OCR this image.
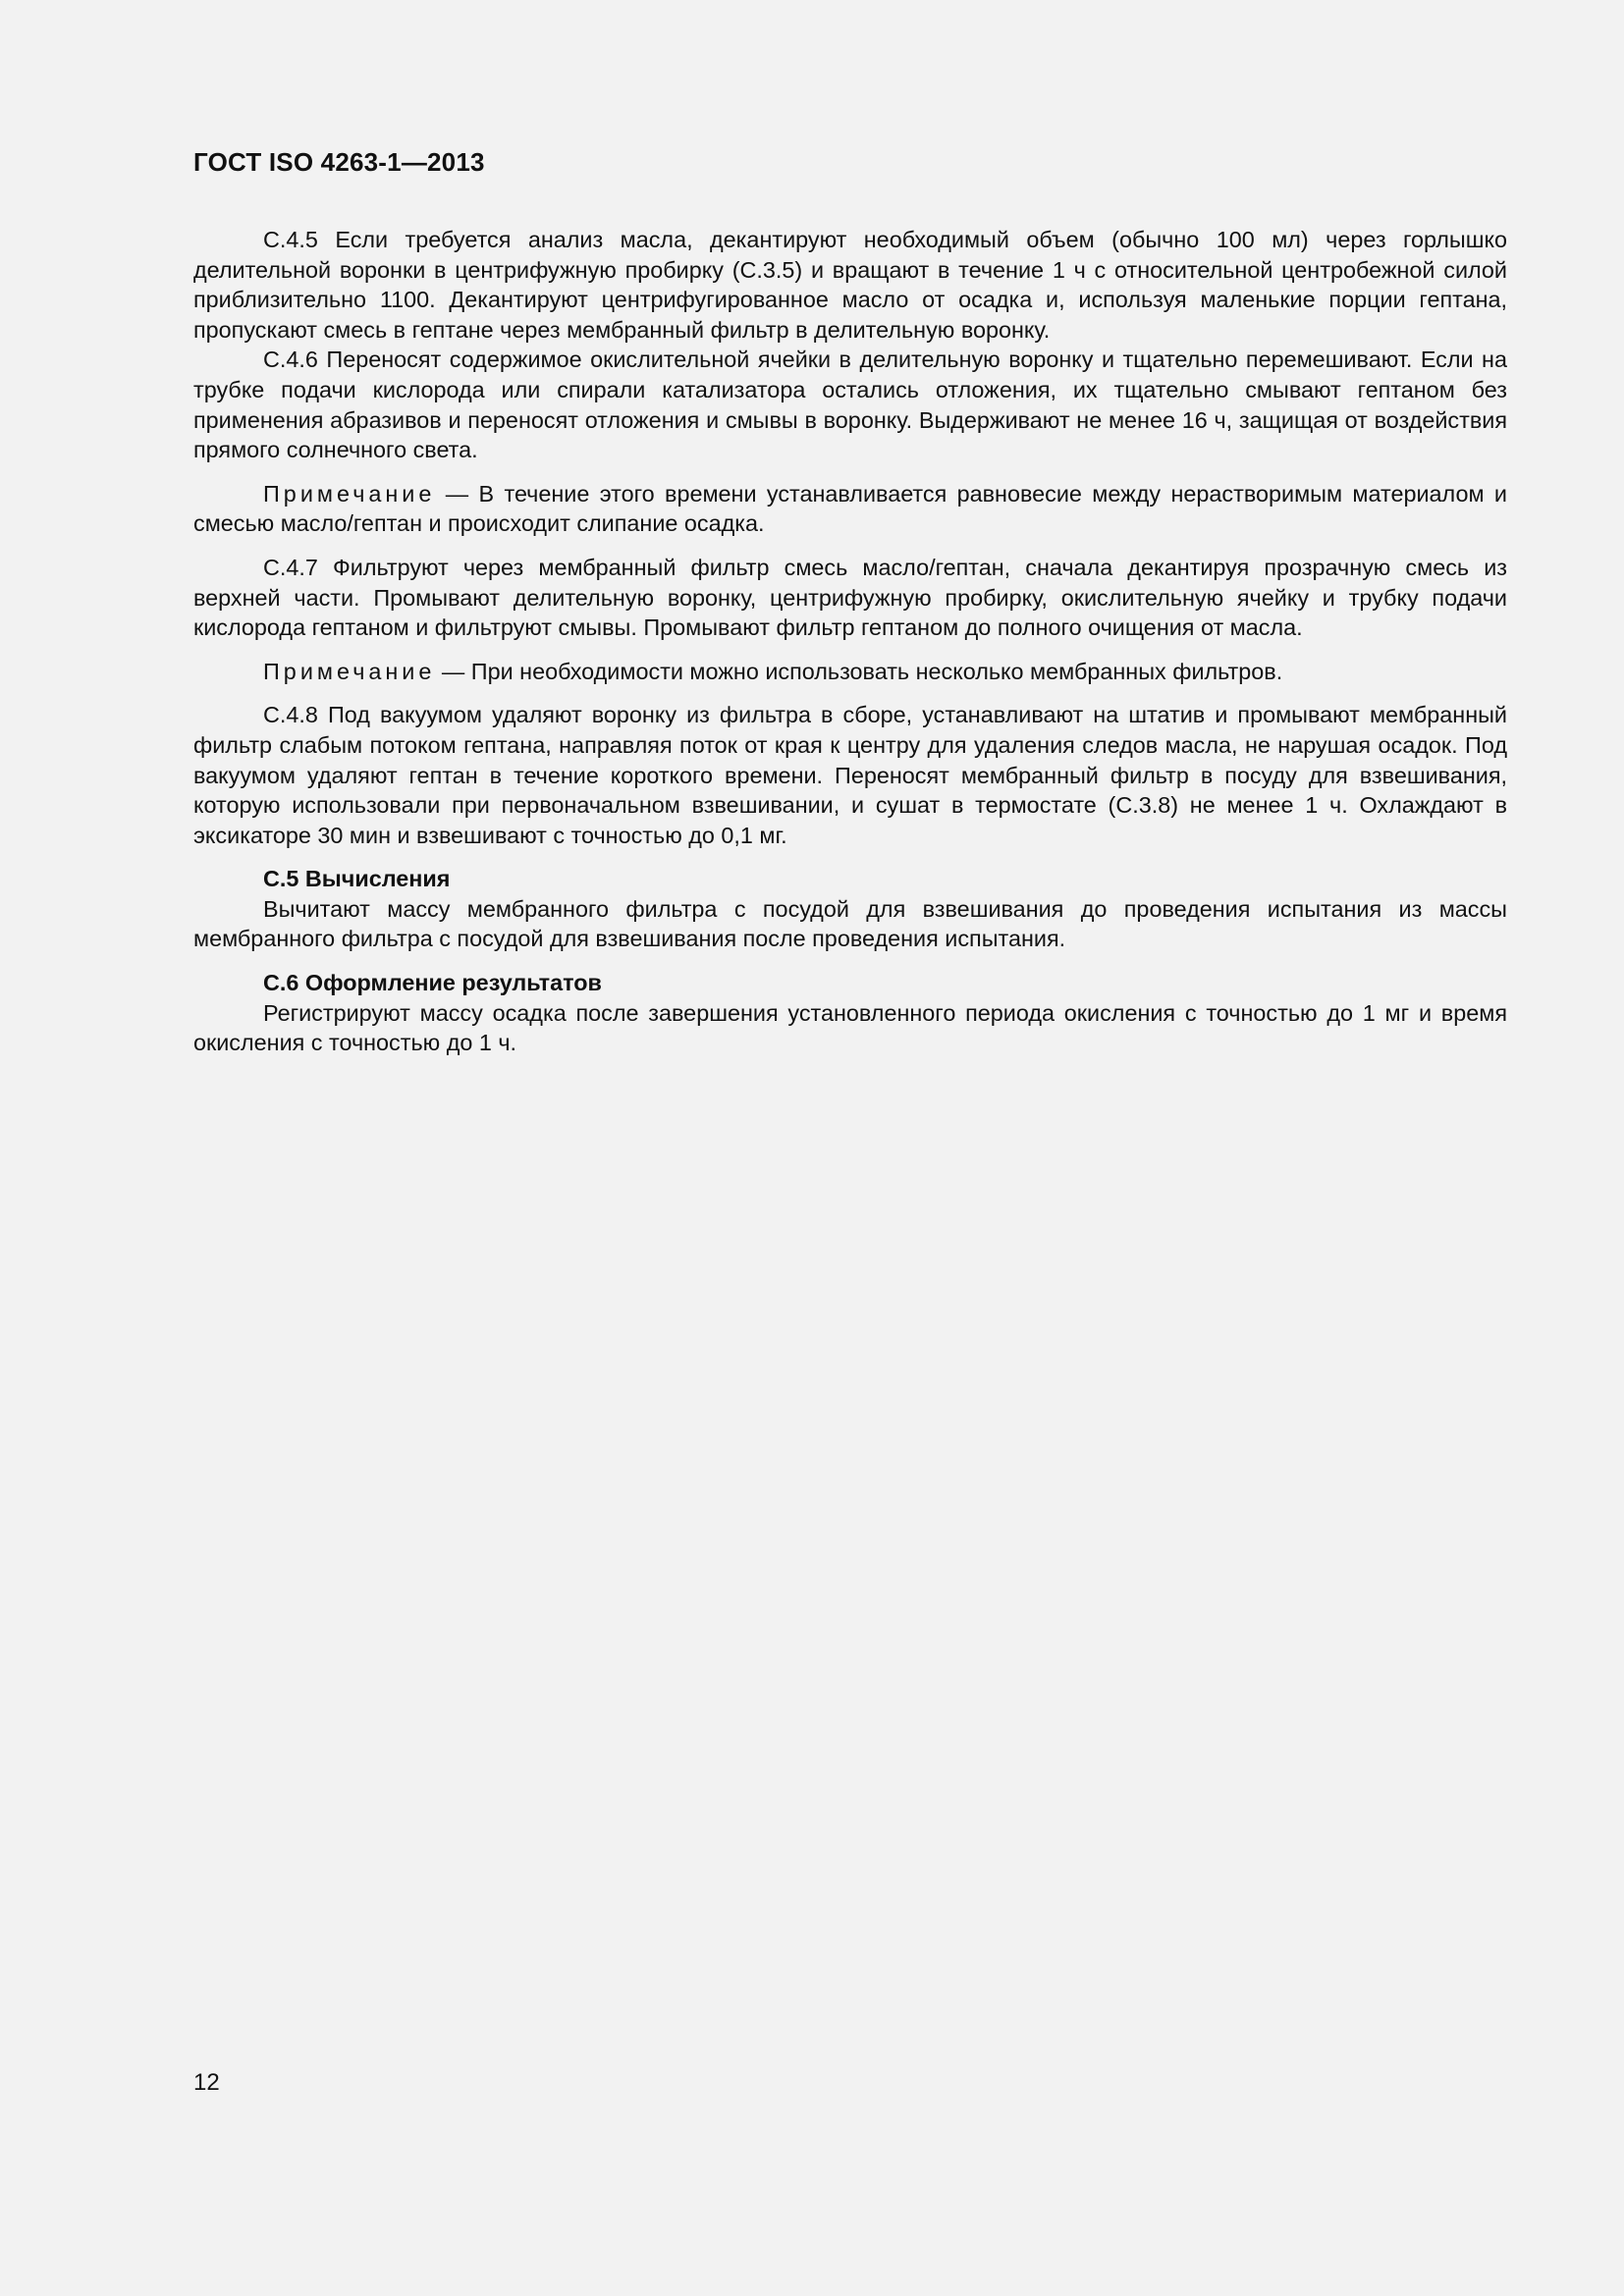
ГОСТ ISO 4263-1—2013

С.4.5 Если требуется анализ масла, декантируют необходимый объем (обычно 100 мл) через горлышко делительной воронки в центрифужную пробирку (С.3.5) и вращают в течение 1 ч с относительной центробежной силой приблизительно 1100. Декантируют центрифугированное масло от осадка и, используя маленькие порции гептана, пропускают смесь в гептане через мембранный фильтр в делительную воронку.

С.4.6 Переносят содержимое окислительной ячейки в делительную воронку и тщательно перемешивают. Если на трубке подачи кислорода или спирали катализатора остались отложения, их тщательно смывают гептаном без применения абразивов и переносят отложения и смывы в воронку. Выдерживают не менее 16 ч, защищая от воздействия прямого солнечного света.

Примечание — В течение этого времени устанавливается равновесие между нерастворимым материалом и смесью масло/гептан и происходит слипание осадка.

С.4.7 Фильтруют через мембранный фильтр смесь масло/гептан, сначала декантируя прозрачную смесь из верхней части. Промывают делительную воронку, центрифужную пробирку, окислительную ячейку и трубку подачи кислорода гептаном и фильтруют смывы. Промывают фильтр гептаном до полного очищения от масла.

Примечание — При необходимости можно использовать несколько мембранных фильтров.

С.4.8 Под вакуумом удаляют воронку из фильтра в сборе, устанавливают на штатив и промывают мембранный фильтр слабым потоком гептана, направляя поток от края к центру для удаления следов масла, не нарушая осадок. Под вакуумом удаляют гептан в течение короткого времени. Переносят мембранный фильтр в посуду для взвешивания, которую использовали при первоначальном взвешивании, и сушат в термостате (С.3.8) не менее 1 ч. Охлаждают в эксикаторе 30 мин и взвешивают с точностью до 0,1 мг.

С.5 Вычисления

Вычитают массу мембранного фильтра с посудой для взвешивания до проведения испытания из массы мембранного фильтра с посудой для взвешивания после проведения испытания.

С.6 Оформление результатов

Регистрируют массу осадка после завершения установленного периода окисления с точностью до 1 мг и время окисления с точностью до 1 ч.

12
